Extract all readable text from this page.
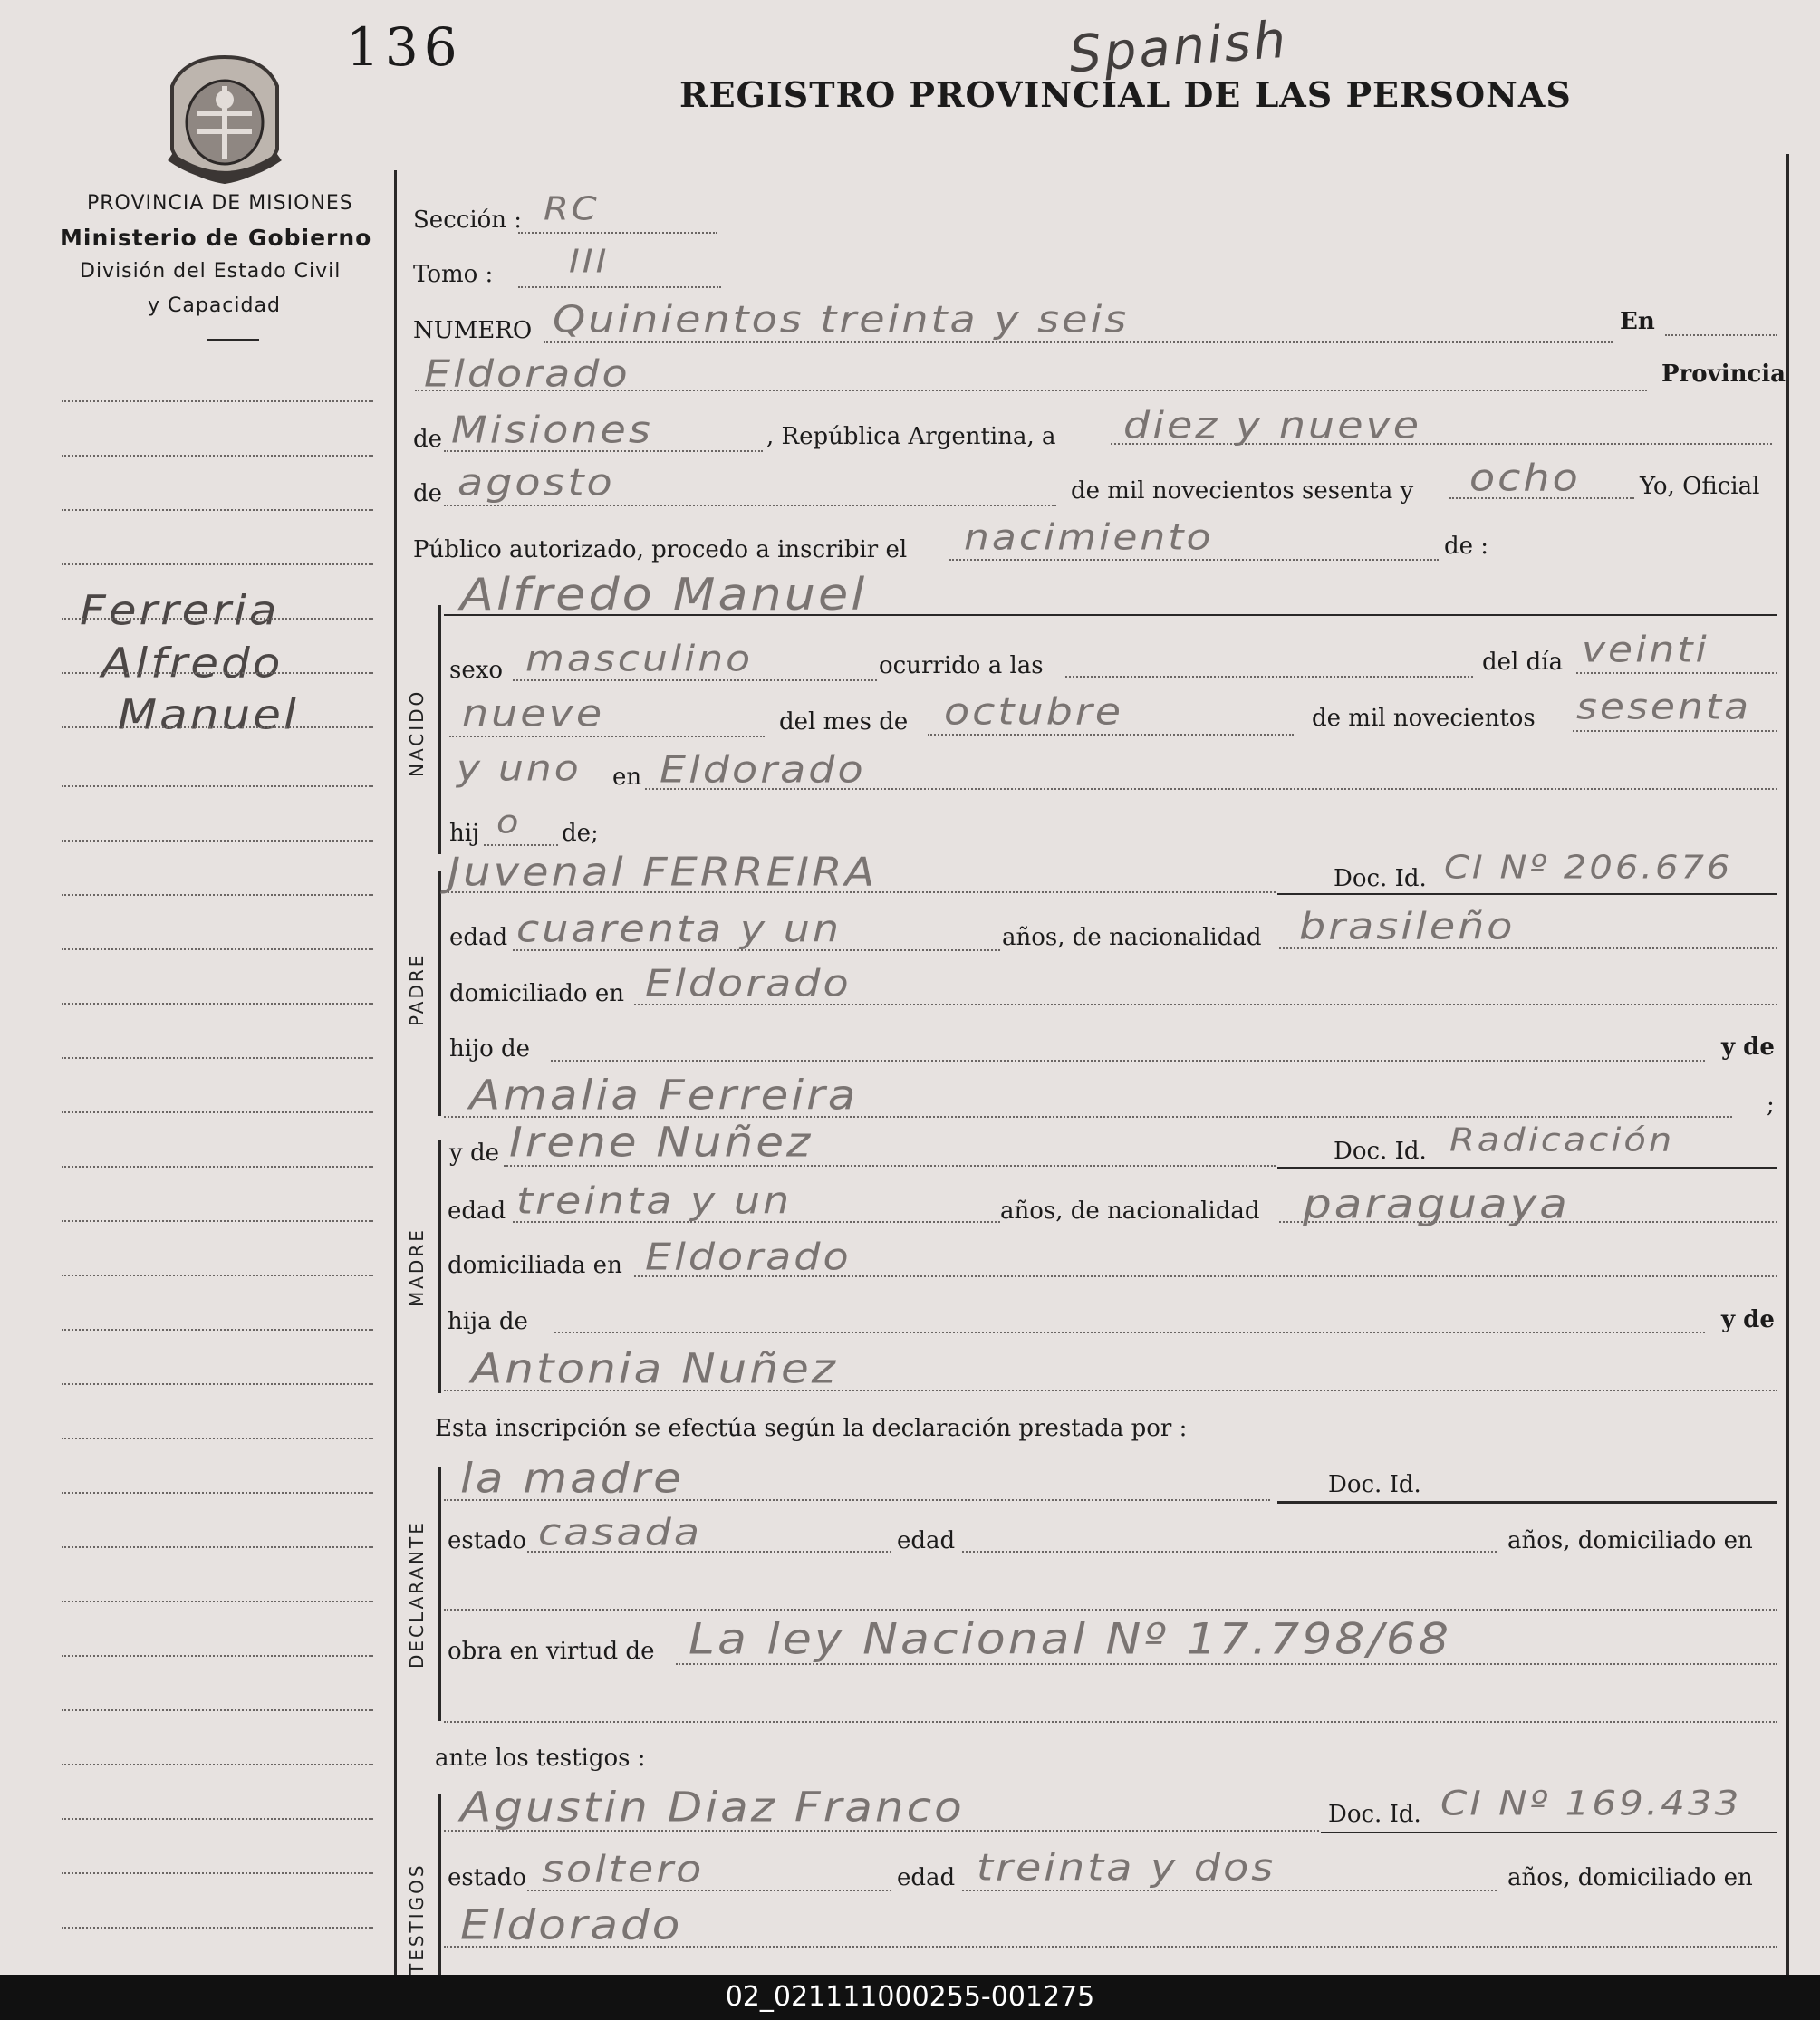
136
REGISTRO PROVINCIAL DE LAS PERSONAS
Spanish
PROVINCIA DE MISIONES
Ministerio de Gobierno
División del Estado Civil
y Capacidad
Ferreria
Alfredo
Manuel	NACIDO
PADRE
MADRE
DECLARANTE
TESTIGOS
Sección : RC
Tomo : III
NUMERO Quinientos treinta y seis	En
Eldorado	Provincia
de Misiones	, República Argentina, a diez y nueve
de agosto	de mil novecientos sesenta y ocho	Yo, Oficial
Público autorizado, procedo a inscribir el nacimiento	de :
Alfredo Manuel
sexo masculino	ocurrido a las	del día veinti
nueve	del mes de octubre	de mil novecientos sesenta
y uno en Eldorado
hij o de;
Juvenal FERREIRA	Doc. Id. CI Nº 206.676
edad cuarenta y un	años, de nacionalidad brasileño
domiciliado en Eldorado
hijo de	y de
Amalia Ferreira	;
y de Irene Nuñez	Doc. Id. Radicación
edad treinta y un	años, de nacionalidad paraguaya
domiciliada en Eldorado
hija de	y de
Antonia Nuñez
Esta inscripción se efectúa según la declaración prestada por :
la madre	Doc. Id.
estado casada	edad	años, domiciliado en
obra en virtud de La ley Nacional Nº 17.798/68
ante los testigos :
Agustin Diaz Franco	Doc. Id. CI Nº 169.433
estado soltero	edad treinta y dos	años, domiciliado en
Eldorado
02_021111000255-001275
